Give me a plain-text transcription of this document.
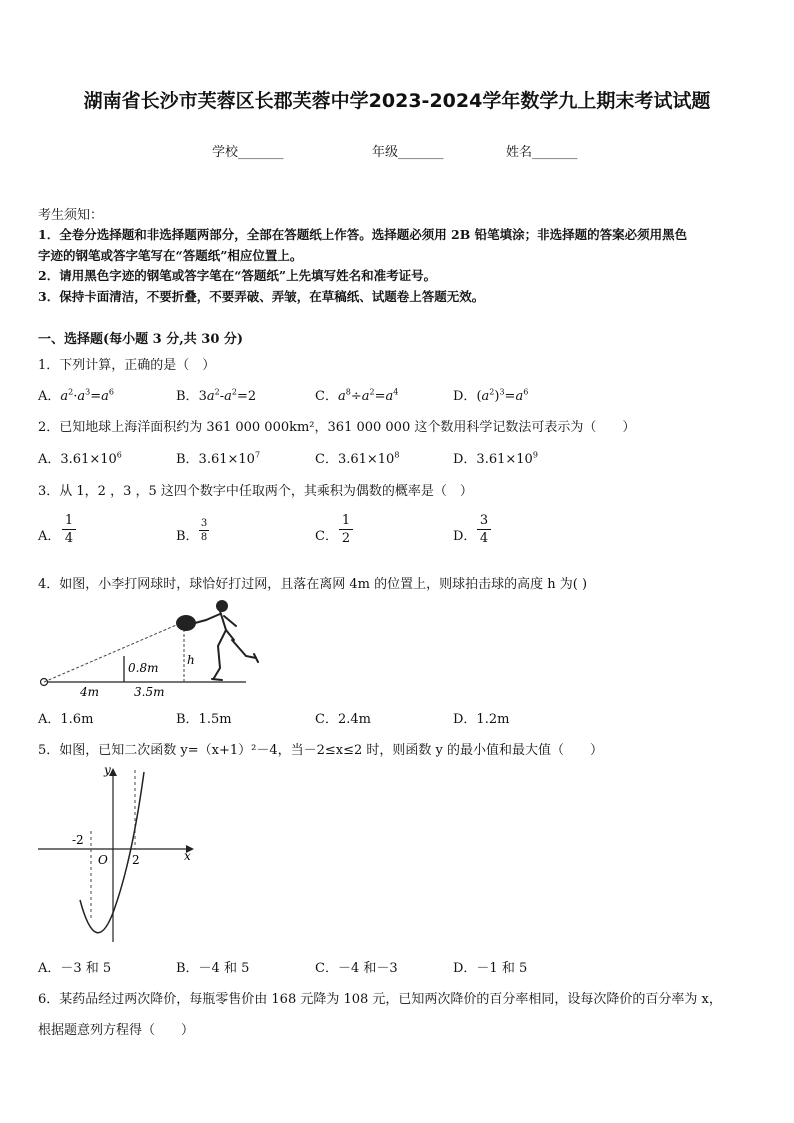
湖南省长沙市芙蓉区长郡芙蓉中学2023-2024学年数学九上期末考试试题
学校_______	年级_______	姓名_______
考生须知：
1．全卷分选择题和非选择题两部分，全部在答题纸上作答。选择题必须用 2B 铅笔填涂；非选择题的答案必须用黑色
字迹的钢笔或答字笔写在“答题纸”相应位置上。
2．请用黑色字迹的钢笔或答字笔在“答题纸”上先填写姓名和准考证号。
3．保持卡面清洁，不要折叠，不要弄破、弄皱，在草稿纸、试题卷上答题无效。
一、选择题(每小题 3 分,共 30 分)
1．下列计算，正确的是（　）
A．$a^2\cdot a^3=a^6$	B．$3a^2-a^2=2$	C．$a^8\div a^2=a^4$	D．$(a^2)^3=a^6$
2．已知地球上海洋面积约为 361 000 000km²，361 000 000 这个数用科学记数法可表示为（　　）
A．$3.61\times 10^6$	B．$3.61\times 10^7$	C．$3.61\times 10^8$	D．$3.61\times 10^9$
3．从 1，2 ，3 ，5 这四个数字中任取两个，其乘积为偶数的概率是（　）
A．
1
4	B．
3
8	C．
1
2	D．
3
4
4．如图，小李打网球时，球恰好打过网，且落在离网 4m 的位置上，则球拍击球的高度 h 为( )
0.8m
h
4m	3.5m
A．1.6m	B．1.5m	C．2.4m	D．1.2m
5．如图，已知二次函数 y=（x+1）²－4，当－2≤x≤2 时，则函数 y 的最小值和最大值（　　）
y
x
O
-2
2
A．－3 和 5	B．－4 和 5	C．－4 和－3	D．－1 和 5
6．某药品经过两次降价，每瓶零售价由 168 元降为 108 元，已知两次降价的百分率相同，设每次降价的百分率为 x，
根据题意列方程得（　　）
